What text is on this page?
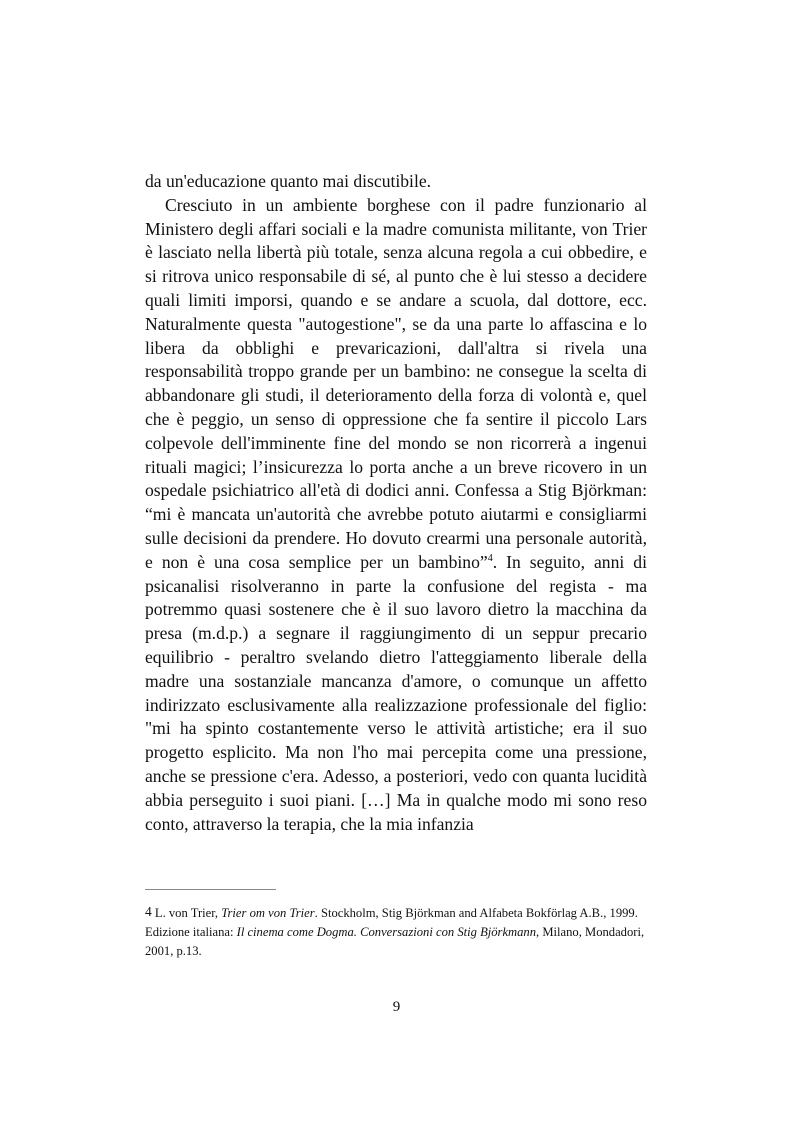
da un'educazione quanto mai discutibile.

Cresciuto in un ambiente borghese con il padre funzionario al Ministero degli affari sociali e la madre comunista militante, von Trier è lasciato nella libertà più totale, senza alcuna regola a cui obbedire, e si ritrova unico responsabile di sé, al punto che è lui stesso a decidere quali limiti imporsi, quando e se andare a scuola, dal dottore, ecc. Naturalmente questa "autogestione", se da una parte lo affascina e lo libera da obblighi e prevaricazioni, dall'altra si rivela una responsabilità troppo grande per un bambino: ne consegue la scelta di abbandonare gli studi, il deterioramento della forza di volontà e, quel che è peggio, un senso di oppressione che fa sentire il piccolo Lars colpevole dell'imminente fine del mondo se non ricorrerà a ingenui rituali magici; l’insicurezza lo porta anche a un breve ricovero in un ospedale psichiatrico all'età di dodici anni. Confessa a Stig Björkman: “mi è mancata un'autorità che avrebbe potuto aiutarmi e consigliarmi sulle decisioni da prendere. Ho dovuto crearmi una personale autorità, e non è una cosa semplice per un bambino”$^4$. In seguito, anni di psicanalisi risolveranno in parte la confusione del regista - ma potremmo quasi sostenere che è il suo lavoro dietro la macchina da presa (m.d.p.) a segnare il raggiungimento di un seppur precario equilibrio - peraltro svelando dietro l'atteggiamento liberale della madre una sostanziale mancanza d'amore, o comunque un affetto indirizzato esclusivamente alla realizzazione professionale del figlio: "mi ha spinto costantemente verso le attività artistiche; era il suo progetto esplicito. Ma non l'ho mai percepita come una pressione, anche se pressione c'era. Adesso, a posteriori, vedo con quanta lucidità abbia perseguito i suoi piani. […] Ma in qualche modo mi sono reso conto, attraverso la terapia, che la mia infanzia

4 L. von Trier, Trier om von Trier. Stockholm, Stig Björkman and Alfabeta Bokförlag A.B., 1999. Edizione italiana: Il cinema come Dogma. Conversazioni con Stig Björkmann, Milano, Mondadori, 2001, p.13.

9
